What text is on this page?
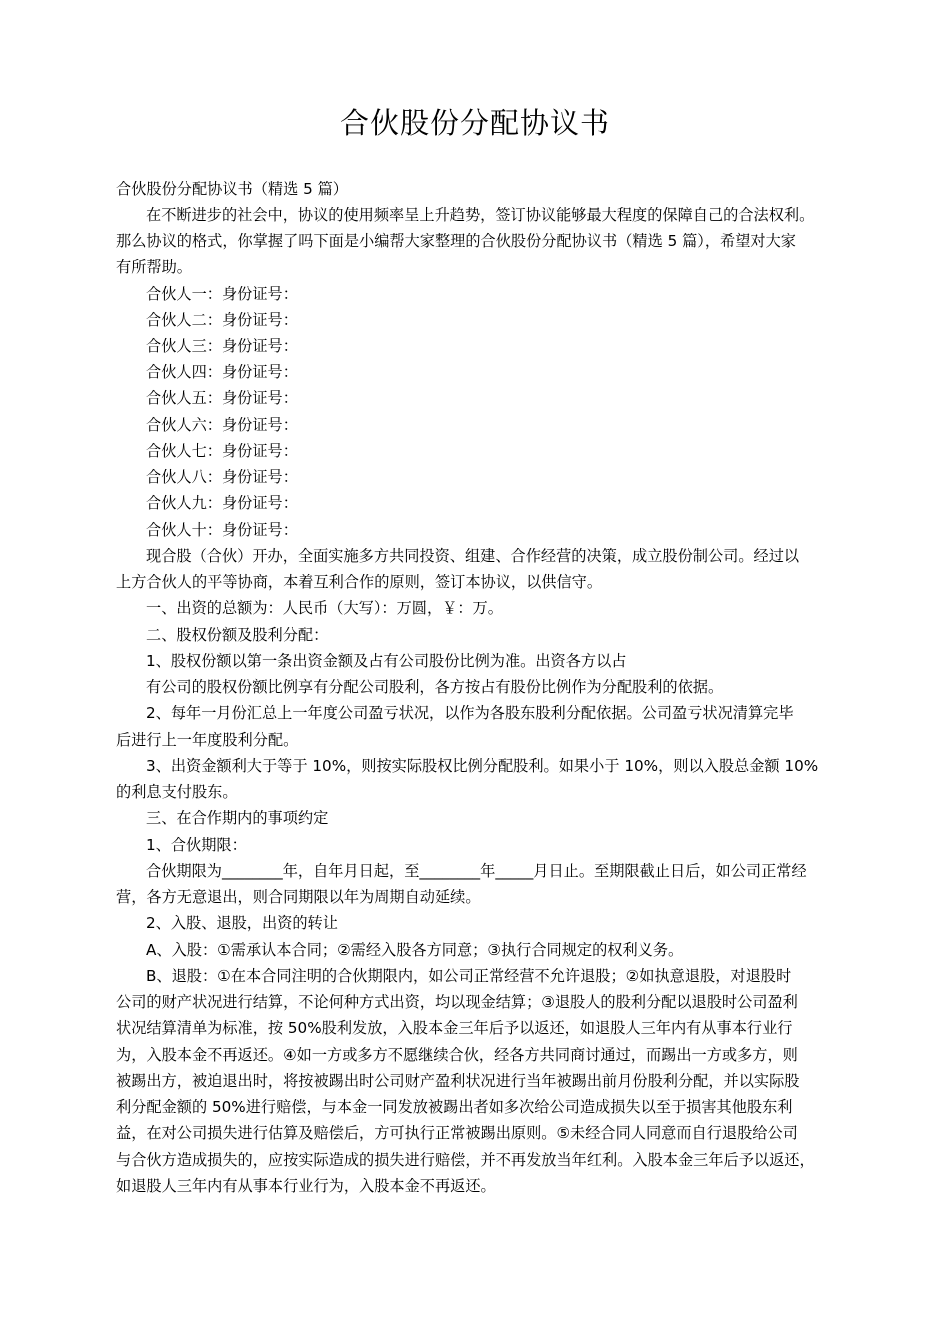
合伙股份分配协议书
合伙股份分配协议书（精选 5 篇）
在不断进步的社会中，协议的使用频率呈上升趋势，签订协议能够最大程度的保障自己的合法权利。
那么协议的格式，你掌握了吗下面是小编帮大家整理的合伙股份分配协议书（精选 5 篇），希望对大家
有所帮助。
合伙人一：身份证号：
合伙人二：身份证号：
合伙人三：身份证号：
合伙人四：身份证号：
合伙人五：身份证号：
合伙人六：身份证号：
合伙人七：身份证号：
合伙人八：身份证号：
合伙人九：身份证号：
合伙人十：身份证号：
现合股（合伙）开办，全面实施多方共同投资、组建、合作经营的决策，成立股份制公司。经过以
上方合伙人的平等协商，本着互利合作的原则，签订本协议，以供信守。
一、出资的总额为：人民币（大写）：万圆，￥：万。
二、股权份额及股利分配：
1、股权份额以第一条出资金额及占有公司股份比例为准。出资各方以占
有公司的股权份额比例享有分配公司股利，各方按占有股份比例作为分配股利的依据。
2、每年一月份汇总上一年度公司盈亏状况，以作为各股东股利分配依据。公司盈亏状况清算完毕
后进行上一年度股利分配。
3、出资金额利大于等于 10%，则按实际股权比例分配股利。如果小于 10%，则以入股总金额 10%
的利息支付股东。
三、在合作期内的事项约定
1、合伙期限：
合伙期限为________年，自年月日起，至________年_____月日止。至期限截止日后，如公司正常经
营，各方无意退出，则合同期限以年为周期自动延续。
2、入股、退股，出资的转让
A、入股：①需承认本合同；②需经入股各方同意；③执行合同规定的权利义务。
B、退股：①在本合同注明的合伙期限内，如公司正常经营不允许退股；②如执意退股，对退股时
公司的财产状况进行结算，不论何种方式出资，均以现金结算；③退股人的股利分配以退股时公司盈利
状况结算清单为标准，按 50%股利发放，入股本金三年后予以返还，如退股人三年内有从事本行业行
为，入股本金不再返还。④如一方或多方不愿继续合伙，经各方共同商讨通过，而踢出一方或多方，则
被踢出方，被迫退出时，将按被踢出时公司财产盈利状况进行当年被踢出前月份股利分配，并以实际股
利分配金额的 50%进行赔偿，与本金一同发放被踢出者如多次给公司造成损失以至于损害其他股东利
益，在对公司损失进行估算及赔偿后，方可执行正常被踢出原则。⑤未经合同人同意而自行退股给公司
与合伙方造成损失的，应按实际造成的损失进行赔偿，并不再发放当年红利。入股本金三年后予以返还，
如退股人三年内有从事本行业行为，入股本金不再返还。
